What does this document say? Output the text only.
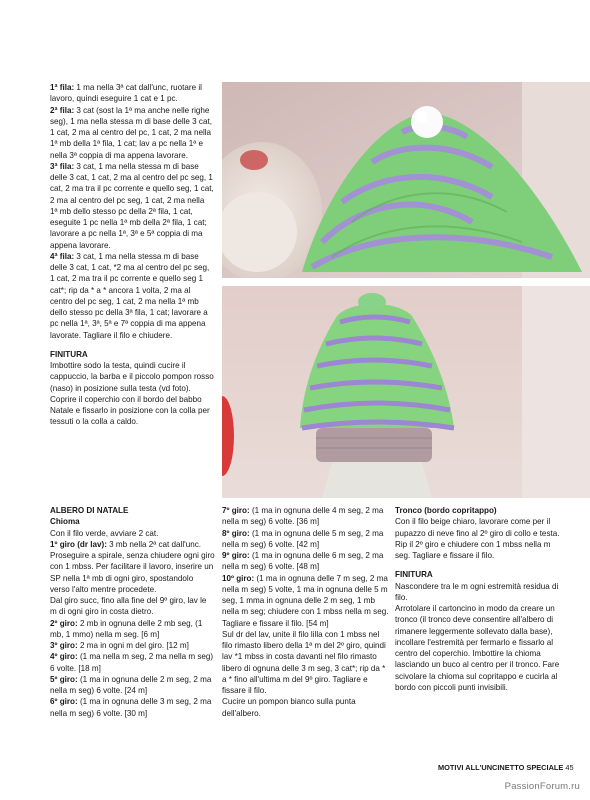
1ª fila: 1 ma nella 3ª cat dall'unc, ruotare il lavoro, quindi eseguire 1 cat e 1 pc.

2ª fila: 3 cat (sost la 1ª ma anche nelle righe seg), 1 ma nella stessa m di base delle 3 cat, 1 cat, 2 ma al centro del pc, 1 cat, 2 ma nella 1ª mb della 1ª fila, 1 cat; lav a pc nella 1ª e nella 3ª coppia di ma appena lavorare.

3ª fila: 3 cat, 1 ma nella stessa m di base delle 3 cat, 1 cat, 2 ma al centro del pc seg, 1 cat, 2 ma tra il pc corrente e quello seg, 1 cat, 2 ma al centro del pc seg, 1 cat, 2 ma nella 1ª mb dello stesso pc della 2ª fila, 1 cat, eseguite 1 pc nella 1ª mb della 2ª fila, 1 cat; lavorare a pc nella 1ª, 3ª e 5ª coppia di ma appena lavorare.

4ª fila: 3 cat, 1 ma nella stessa m di base delle 3 cat, 1 cat, *2 ma al centro del pc seg, 1 cat, 2 ma tra il pc corrente e quello seg 1 cat*; rip da * a * ancora 1 volta, 2 ma al centro del pc seg, 1 cat, 2 ma nella 1ª mb dello stesso pc della 3ª fila, 1 cat; lavorare a pc nella 1ª, 3ª, 5ª e 7ª coppia di ma appena lavorate. Tagliare il filo e chiudere.

FINITURA

Imbottire sodo la testa, quindi cucire il cappuccio, la barba e il piccolo pompon rosso (naso) in posizione sulla testa (vd foto).

Coprire il coperchio con il bordo del babbo Natale e fissarlo in posizione con la colla per tessuti o la colla a caldo.

ALBERO DI NATALE

Chioma

Con il filo verde, avviare 2 cat.

1º giro (dr lav): 3 mb nella 2ª cat dall'unc.

Proseguire a spirale, senza chiudere ogni giro con 1 mbss. Per facilitare il lavoro, inserire un SP nella 1ª mb di ogni giro, spostandolo verso l'alto mentre procedete.

Dal giro succ, fino alla fine del 9º giro, lav le m di ogni giro in costa dietro.

2º giro: 2 mb in ognuna delle 2 mb seg, (1 mb, 1 mmo) nella m seg. [6 m]

3º giro: 2 ma in ogni m del giro. [12 m]

4º giro: (1 ma nella m seg, 2 ma nella m seg) 6 volte. [18 m]

5º giro: (1 ma in ognuna delle 2 m seg, 2 ma nella m seg) 6 volte. [24 m]

6º giro: (1 ma in ognuna delle 3 m seg, 2 ma nella m seg) 6 volte. [30 m]

7º giro: (1 ma in ognuna delle 4 m seg, 2 ma nella m seg) 6 volte. [36 m]

8º giro: (1 ma in ognuna delle 5 m seg, 2 ma nella m seg) 6 volte. [42 m]

9º giro: (1 ma in ognuna delle 6 m seg, 2 ma nella m seg) 6 volte. [48 m]

10º giro: (1 ma in ognuna delle 7 m seg, 2 ma nella m seg) 5 volte, 1 ma in ognuna delle 5 m seg, 1 mma in ognuna delle 2 m seg, 1 mb nella m seg; chiudere con 1 mbss nella m seg. Tagliare e fissare il filo. [54 m]

Sul dr del lav, unite il filo lilla con 1 mbss nel filo rimasto libero della 1ª m del 2º giro, quindi lav *1 mbss in costa davanti nel filo rimasto libero di ognuna delle 3 m seg, 3 cat*; rip da * a * fino all'ultima m del 9º giro. Tagliare e fissare il filo.

Cucire un pompon bianco sulla punta dell'albero.

Tronco (bordo copritappo)

Con il filo beige chiaro, lavorare come per il pupazzo di neve fino al 2º giro di collo e testa. Rip il 2º giro e chiudere con 1 mbss nella m seg. Tagliare e fissare il filo.

FINITURA

Nascondere tra le m ogni estremità residua di filo.

Arrotolare il cartoncino in modo da creare un tronco (il tronco deve consentire all'albero di rimanere leggermente sollevato dalla base), incollare l'estremità per fermarlo e fissarlo al centro del coperchio. Imbottire la chioma lasciando un buco al centro per il tronco. Fare scivolare la chioma sul copritappo e cucirla al bordo con piccoli punti invisibili.

MOTIVI ALL'UNCINETTO SPECIALE 45
PassionForum.ru
